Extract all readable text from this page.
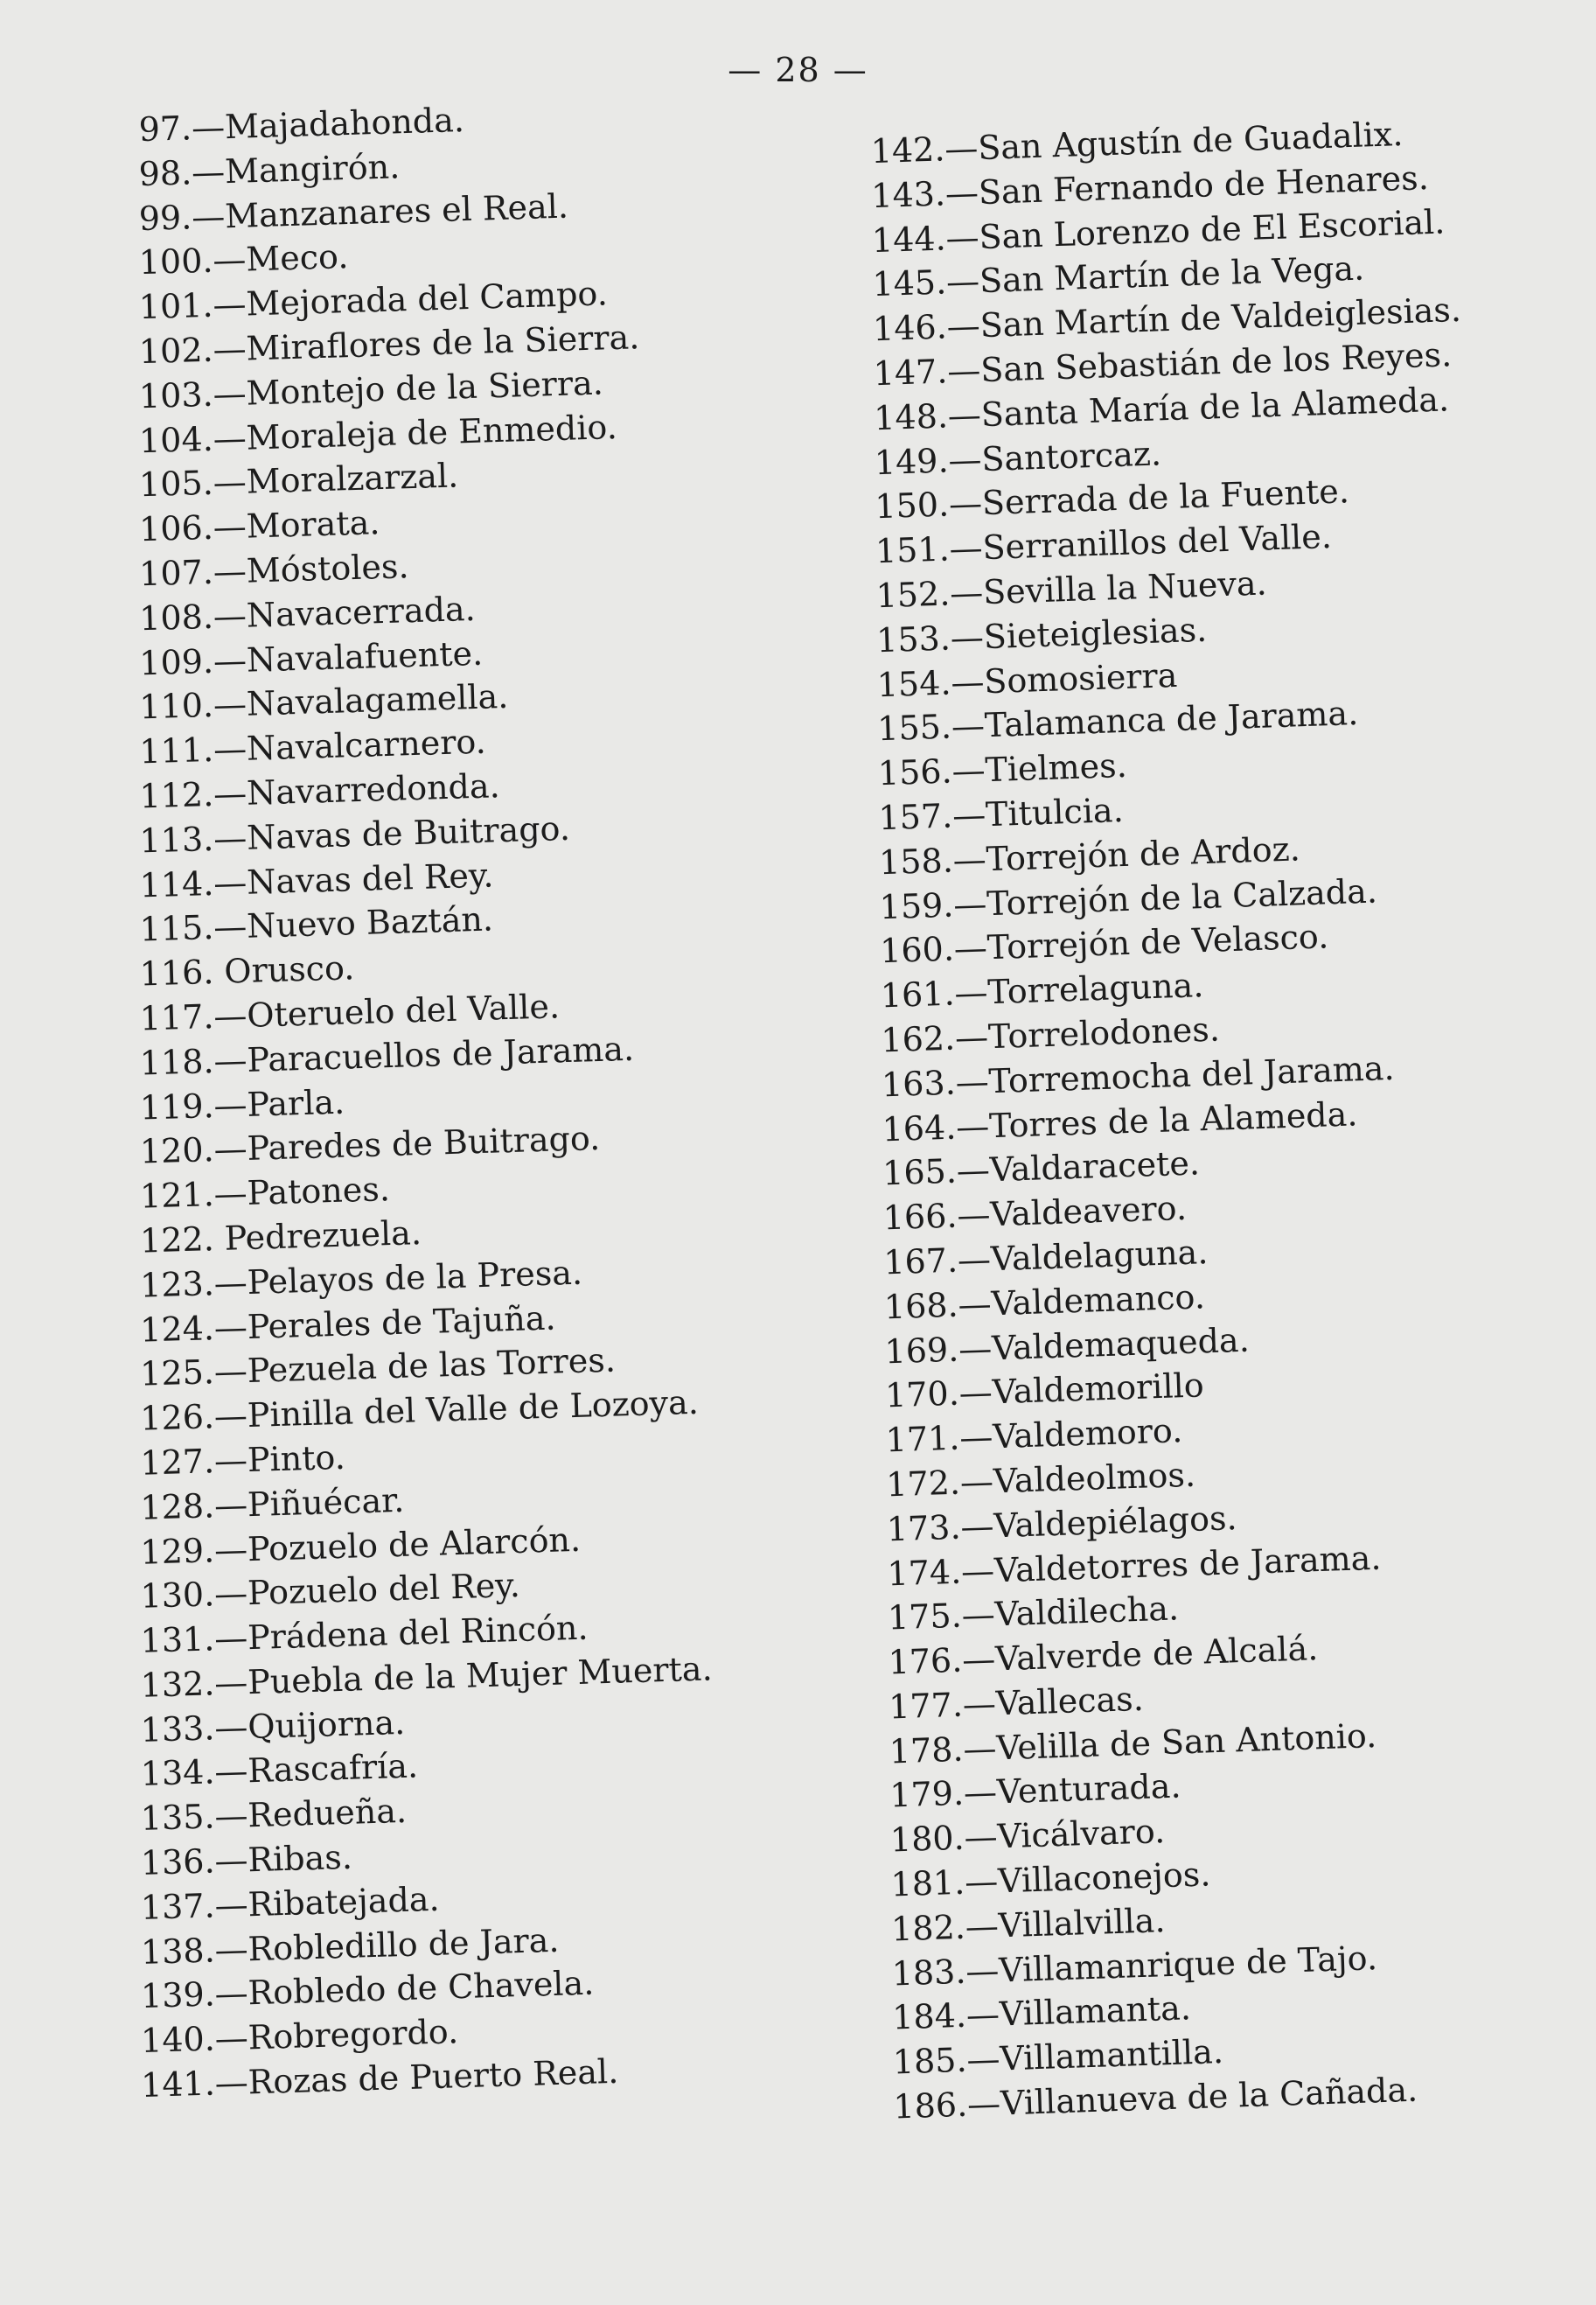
— 28 —
97.—Majadahonda.
98.—Mangirón.
99.—Manzanares el Real.
100.—Meco.
101.—Mejorada del Campo.
102.—Miraflores de la Sierra.
103.—Montejo de la Sierra.
104.—Moraleja de Enmedio.
105.—Moralzarzal.
106.—Morata.
107.—Móstoles.
108.—Navacerrada.
109.—Navalafuente.
110.—Navalagamella.
111.—Navalcarnero.
112.—Navarredonda.
113.—Navas de Buitrago.
114.—Navas del Rey.
115.—Nuevo Baztán.
116. Orusco.
117.—Oteruelo del Valle.
118.—Paracuellos de Jarama.
119.—Parla.
120.—Paredes de Buitrago.
121.—Patones.
122. Pedrezuela.
123.—Pelayos de la Presa.
124.—Perales de Tajuña.
125.—Pezuela de las Torres.
126.—Pinilla del Valle de Lozoya.
127.—Pinto.
128.—Piñuécar.
129.—Pozuelo de Alarcón.
130.—Pozuelo del Rey.
131.—Prádena del Rincón.
132.—Puebla de la Mujer Muerta.
133.—Quijorna.
134.—Rascafría.
135.—Redueña.
136.—Ribas.
137.—Ribatejada.
138.—Robledillo de Jara.
139.—Robledo de Chavela.
140.—Robregordo.
141.—Rozas de Puerto Real.
142.—San Agustín de Guadalix.
143.—San Fernando de Henares.
144.—San Lorenzo de El Escorial.
145.—San Martín de la Vega.
146.—San Martín de Valdeiglesias.
147.—San Sebastián de los Reyes.
148.—Santa María de la Alameda.
149.—Santorcaz.
150.—Serrada de la Fuente.
151.—Serranillos del Valle.
152.—Sevilla la Nueva.
153.—Sieteiglesias.
154.—Somosierra
155.—Talamanca de Jarama.
156.—Tielmes.
157.—Titulcia.
158.—Torrejón de Ardoz.
159.—Torrejón de la Calzada.
160.—Torrejón de Velasco.
161.—Torrelaguna.
162.—Torrelodones.
163.—Torremocha del Jarama.
164.—Torres de la Alameda.
165.—Valdaracete.
166.—Valdeavero.
167.—Valdelaguna.
168.—Valdemanco.
169.—Valdemaqueda.
170.—Valdemorillo
171.—Valdemoro.
172.—Valdeolmos.
173.—Valdepiélagos.
174.—Valdetorres de Jarama.
175.—Valdilecha.
176.—Valverde de Alcalá.
177.—Vallecas.
178.—Velilla de San Antonio.
179.—Venturada.
180.—Vicálvaro.
181.—Villaconejos.
182.—Villalvilla.
183.—Villamanrique de Tajo.
184.—Villamanta.
185.—Villamantilla.
186.—Villanueva de la Cañada.
